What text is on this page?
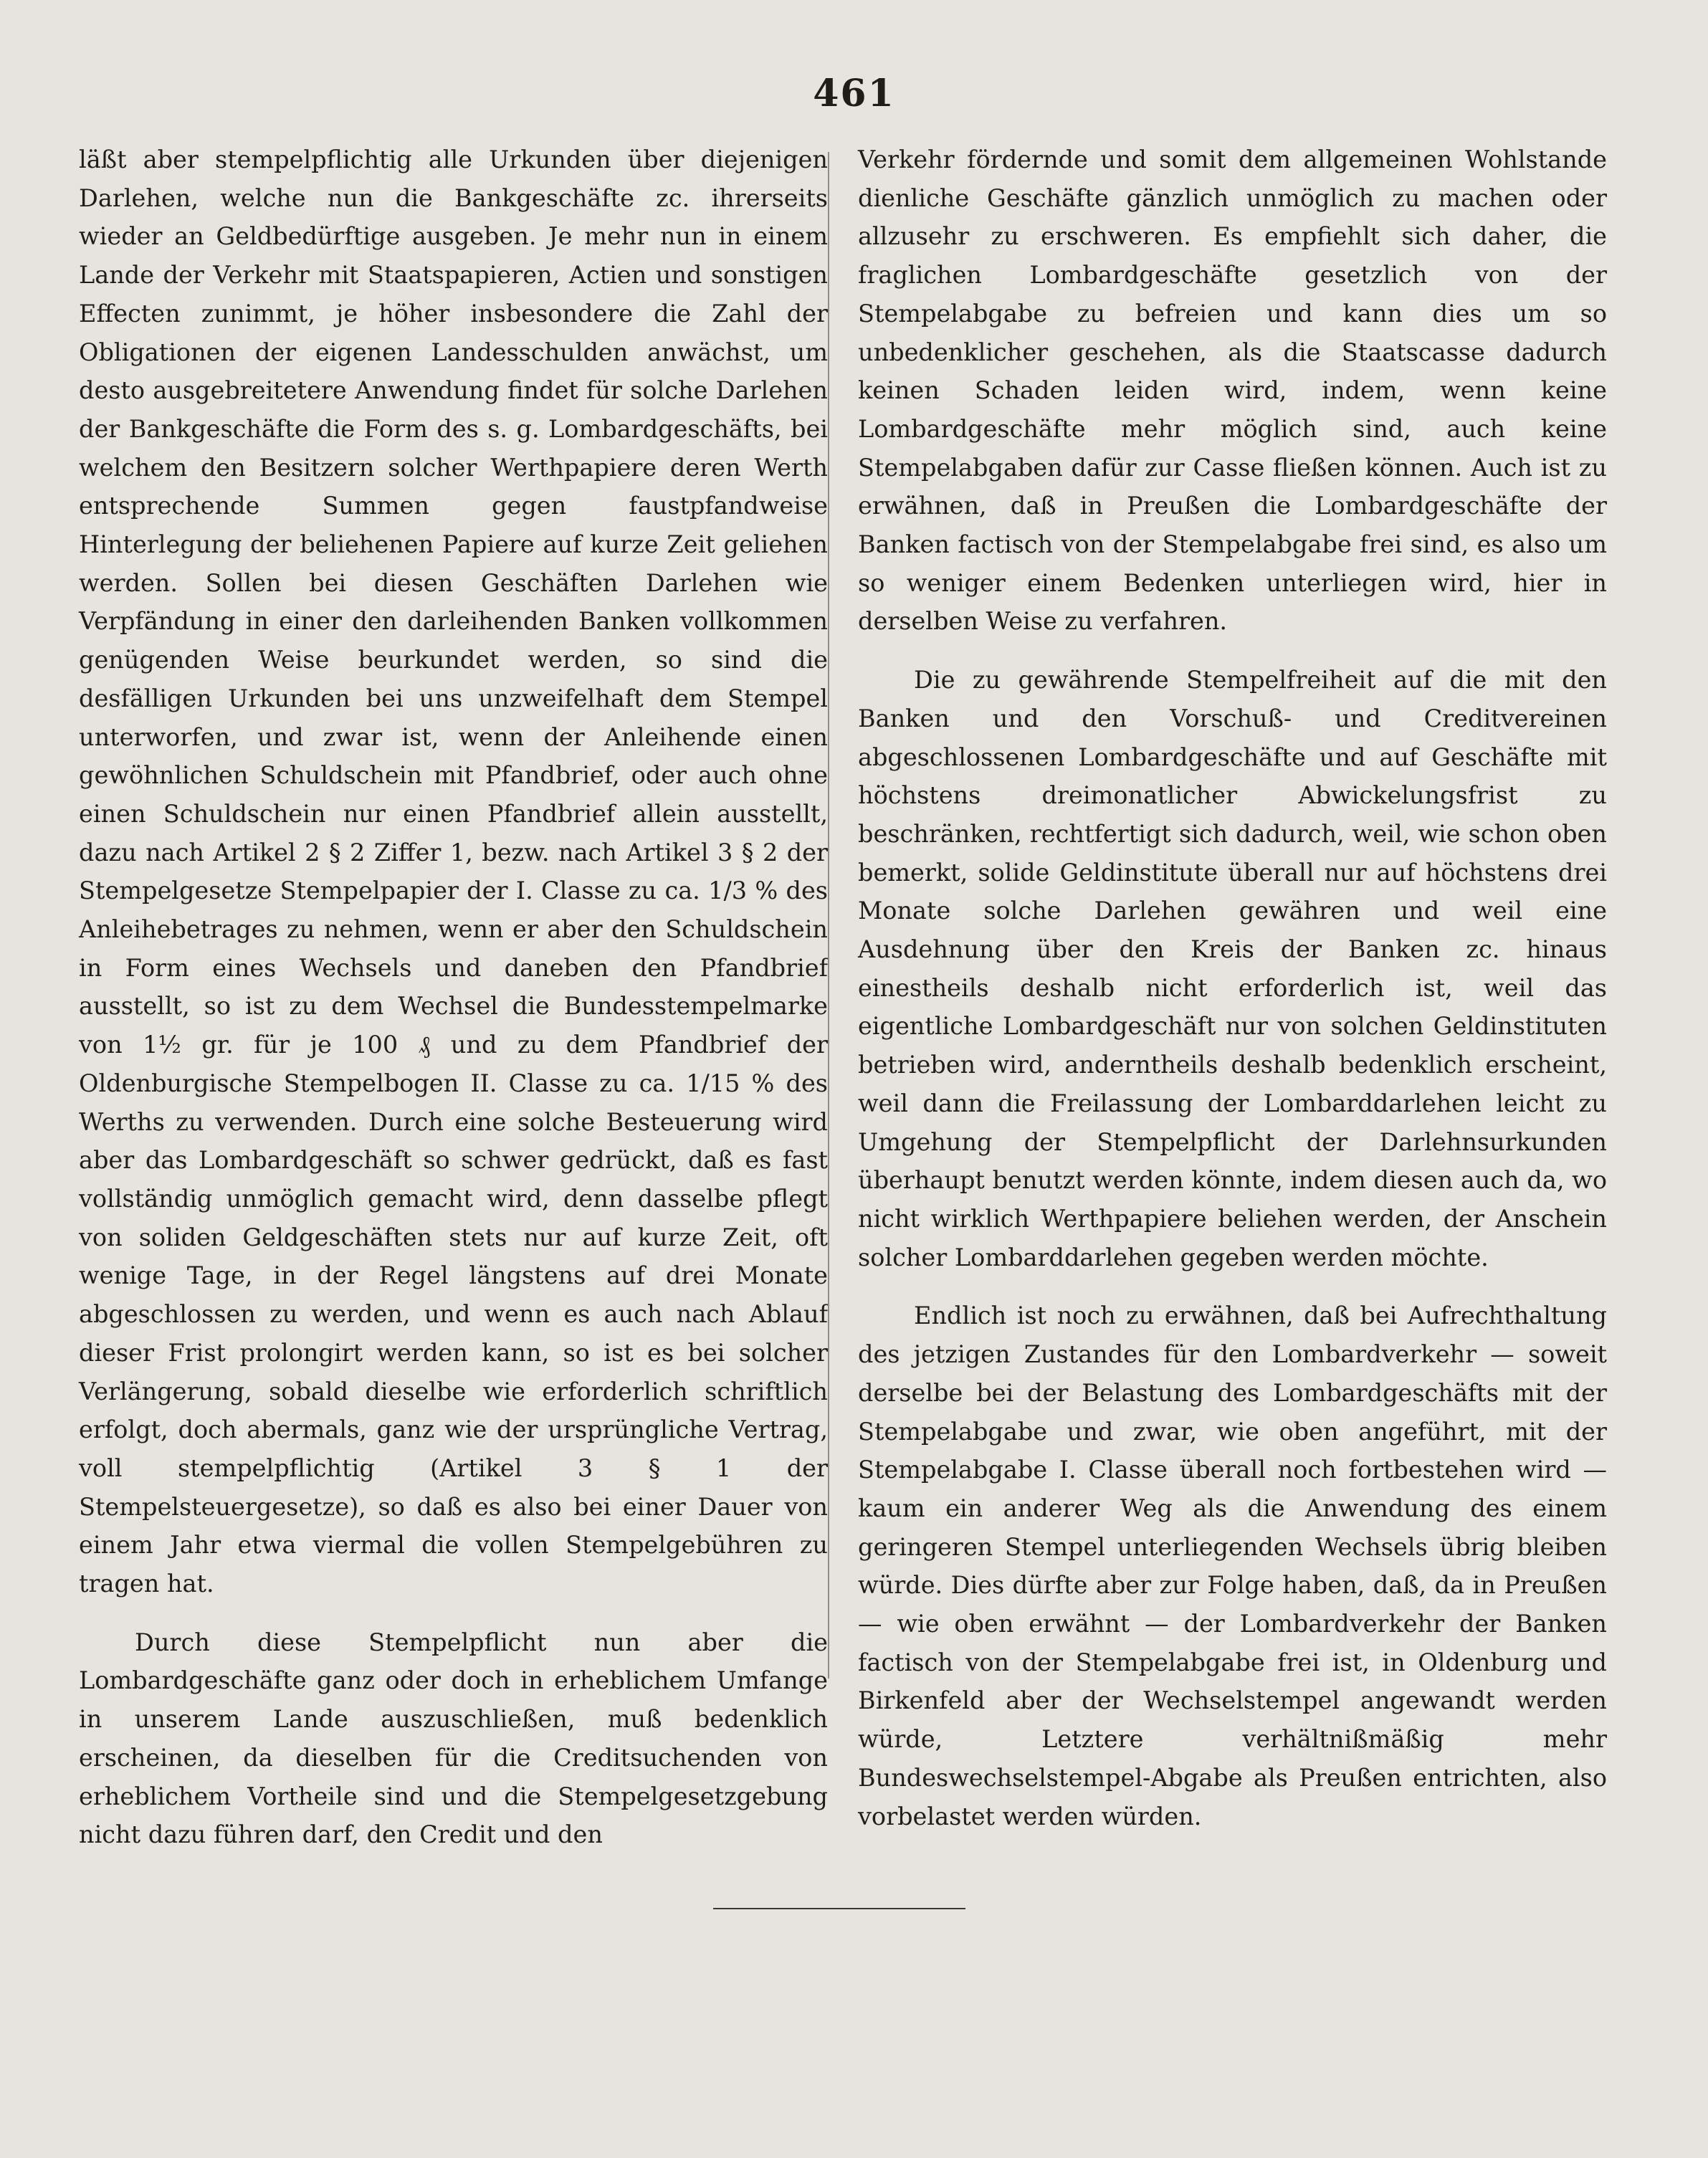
461

läßt aber stempelpflichtig alle Urkunden über diejenigen Darlehen, welche nun die Bankgeschäfte zc. ihrerseits wieder an Geldbedürftige ausgeben. Je mehr nun in einem Lande der Verkehr mit Staatspapieren, Actien und sonstigen Effecten zunimmt, je höher insbesondere die Zahl der Obligationen der eigenen Landesschulden anwächst, um desto ausgebreitetere Anwendung findet für solche Darlehen der Bankgeschäfte die Form des s. g. Lombardgeschäfts, bei welchem den Besitzern solcher Werthpapiere deren Werth entsprechende Summen gegen faustpfandweise Hinterlegung der beliehenen Papiere auf kurze Zeit geliehen werden. Sollen bei diesen Geschäften Darlehen wie Verpfändung in einer den darleihenden Banken vollkommen genügenden Weise beurkundet werden, so sind die desfälligen Urkunden bei uns unzweifelhaft dem Stempel unterworfen, und zwar ist, wenn der Anleihende einen gewöhnlichen Schuldschein mit Pfandbrief, oder auch ohne einen Schuldschein nur einen Pfandbrief allein ausstellt, dazu nach Artikel 2 § 2 Ziffer 1, bezw. nach Artikel 3 § 2 der Stempelgesetze Stempelpapier der I. Classe zu ca. 1/3 % des Anleihebetrages zu nehmen, wenn er aber den Schuldschein in Form eines Wechsels und daneben den Pfandbrief ausstellt, so ist zu dem Wechsel die Bundesstempelmarke von 1½ gr. für je 100 ₰ und zu dem Pfandbrief der Oldenburgische Stempelbogen II. Classe zu ca. 1/15 % des Werths zu verwenden. Durch eine solche Besteuerung wird aber das Lombardgeschäft so schwer gedrückt, daß es fast vollständig unmöglich gemacht wird, denn dasselbe pflegt von soliden Geldgeschäften stets nur auf kurze Zeit, oft wenige Tage, in der Regel längstens auf drei Monate abgeschlossen zu werden, und wenn es auch nach Ablauf dieser Frist prolongirt werden kann, so ist es bei solcher Verlängerung, sobald dieselbe wie erforderlich schriftlich erfolgt, doch abermals, ganz wie der ursprüngliche Vertrag, voll stempelpflichtig (Artikel 3 § 1 der Stempelsteuergesetze), so daß es also bei einer Dauer von einem Jahr etwa viermal die vollen Stempelgebühren zu tragen hat.

Durch diese Stempelpflicht nun aber die Lombardgeschäfte ganz oder doch in erheblichem Umfange in unserem Lande auszuschließen, muß bedenklich erscheinen, da dieselben für die Creditsuchenden von erheblichem Vortheile sind und die Stempelgesetzgebung nicht dazu führen darf, den Credit und den

Verkehr fördernde und somit dem allgemeinen Wohlstande dienliche Geschäfte gänzlich unmöglich zu machen oder allzusehr zu erschweren. Es empfiehlt sich daher, die fraglichen Lombardgeschäfte gesetzlich von der Stempelabgabe zu befreien und kann dies um so unbedenklicher geschehen, als die Staatscasse dadurch keinen Schaden leiden wird, indem, wenn keine Lombardgeschäfte mehr möglich sind, auch keine Stempelabgaben dafür zur Casse fließen können. Auch ist zu erwähnen, daß in Preußen die Lombardgeschäfte der Banken factisch von der Stempelabgabe frei sind, es also um so weniger einem Bedenken unterliegen wird, hier in derselben Weise zu verfahren.

Die zu gewährende Stempelfreiheit auf die mit den Banken und den Vorschuß- und Creditvereinen abgeschlossenen Lombardgeschäfte und auf Geschäfte mit höchstens dreimonatlicher Abwickelungsfrist zu beschränken, rechtfertigt sich dadurch, weil, wie schon oben bemerkt, solide Geldinstitute überall nur auf höchstens drei Monate solche Darlehen gewähren und weil eine Ausdehnung über den Kreis der Banken zc. hinaus einestheils deshalb nicht erforderlich ist, weil das eigentliche Lombardgeschäft nur von solchen Geldinstituten betrieben wird, anderntheils deshalb bedenklich erscheint, weil dann die Freilassung der Lombarddarlehen leicht zu Umgehung der Stempelpflicht der Darlehnsurkunden überhaupt benutzt werden könnte, indem diesen auch da, wo nicht wirklich Werthpapiere beliehen werden, der Anschein solcher Lombarddarlehen gegeben werden möchte.

Endlich ist noch zu erwähnen, daß bei Aufrechthaltung des jetzigen Zustandes für den Lombardverkehr — soweit derselbe bei der Belastung des Lombardgeschäfts mit der Stempelabgabe und zwar, wie oben angeführt, mit der Stempelabgabe I. Classe überall noch fortbestehen wird — kaum ein anderer Weg als die Anwendung des einem geringeren Stempel unterliegenden Wechsels übrig bleiben würde. Dies dürfte aber zur Folge haben, daß, da in Preußen — wie oben erwähnt — der Lombardverkehr der Banken factisch von der Stempelabgabe frei ist, in Oldenburg und Birkenfeld aber der Wechselstempel angewandt werden würde, Letztere verhältnißmäßig mehr Bundeswechselstempel-Abgabe als Preußen entrichten, also vorbelastet werden würden.
